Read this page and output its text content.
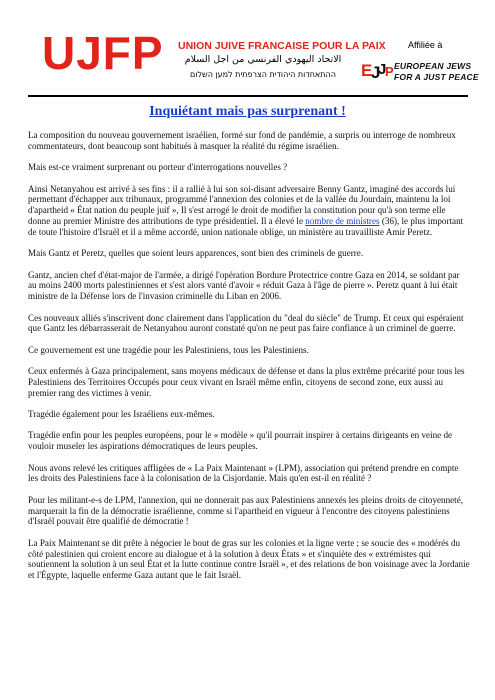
UJFP UNION JUIVE FRANCAISE POUR LA PAIX
الاتحاد اليهودي الفرنسي من اجل السلام
ההתאחדות היהודית הצרפתית למען השלום
Affiliée à
E
J
J
P EUROPEAN JEWS
FOR A JUST PEACE
Inquiétant mais pas surprenant !

La composition du nouveau gouvernement israélien, formé sur fond de pandémie, a surpris ou interroge de nombreux commentateurs, dont beaucoup sont habitués à masquer la réalité du régime israélien.

Mais est-ce vraiment surprenant ou porteur d'interrogations nouvelles ?

Ainsi Netanyahou est arrivé à ses fins : il a rallié à lui son soi-disant adversaire Benny Gantz, imaginé des accords lui permettant d'échapper aux tribunaux, programmé l'annexion des colonies et de la vallée du Jourdain, maintenu la loi d'apartheid « État nation du peuple juif », Il s'est arrogé le droit de modifier la constitution pour qu'à son terme elle donne au premier Ministre des attributions de type présidentiel. Il a élevé le nombre de ministres (36), le plus important de toute l'histoire d'Israël et il a même accordé, union nationale oblige, un ministère au travailliste Amir Peretz.

Mais Gantz et Peretz, quelles que soient leurs apparences, sont bien des criminels de guerre.

Gantz, ancien chef d'état-major de l'armée, a dirigé l'opération Bordure Protectrice contre Gaza en 2014, se soldant par au moins 2400 morts palestiniennes et s'est alors vanté d'avoir « réduit Gaza à l'âge de pierre ». Peretz quant à lui était ministre de la Défense lors de l'invasion criminelle du Liban en 2006.

Ces nouveaux alliés s'inscrivent donc clairement dans l'application du "deal du siècle" de Trump. Et ceux qui espéraient que Gantz les débarrasserait de Netanyahou auront constaté qu'on ne peut pas faire confiance à un criminel de guerre.

Ce gouvernement est une tragédie pour les Palestiniens, tous les Palestiniens.

Ceux enfermés à Gaza principalement, sans moyens médicaux de défense et dans la plus extrême précarité pour tous les Palestiniens des Territoires Occupés pour ceux vivant en Israël même enfin, citoyens de second zone, eux aussi au premier rang des victimes à venir.

Tragédie également pour les Israéliens eux-mêmes.

Tragédie enfin pour les peuples européens, pour le « modèle » qu'il pourrait inspirer à certains dirigeants en veine de vouloir museler les aspirations démocratiques de leurs peuples.

Nous avons relevé les critiques affligées de « La Paix Maintenant » (LPM), association qui prétend prendre en compte les droits des Palestiniens face à la colonisation de la Cisjordanie. Mais qu'en est-il en réalité ?

Pour les militant-e-s de LPM, l'annexion, qui ne donnerait pas aux Palestiniens annexés les pleins droits de citoyenneté, marquerait la fin de la démocratie israélienne, comme si l'apartheid en vigueur à l'encontre des citoyens palestiniens d'Israël pouvait être qualifié de démocratie !

La Paix Maintenant se dit prête à négocier le bout de gras sur les colonies et la ligne verte ; se soucie des « modérés du côté palestinien qui croient encore au dialogue et à la solution à deux États » et s'inquiète des « extrémistes qui soutiennent la solution à un seul État et la lutte continue contre Israël », et des relations de bon voisinage avec la Jordanie et l'Égypte, laquelle enferme Gaza autant que le fait Israël.
